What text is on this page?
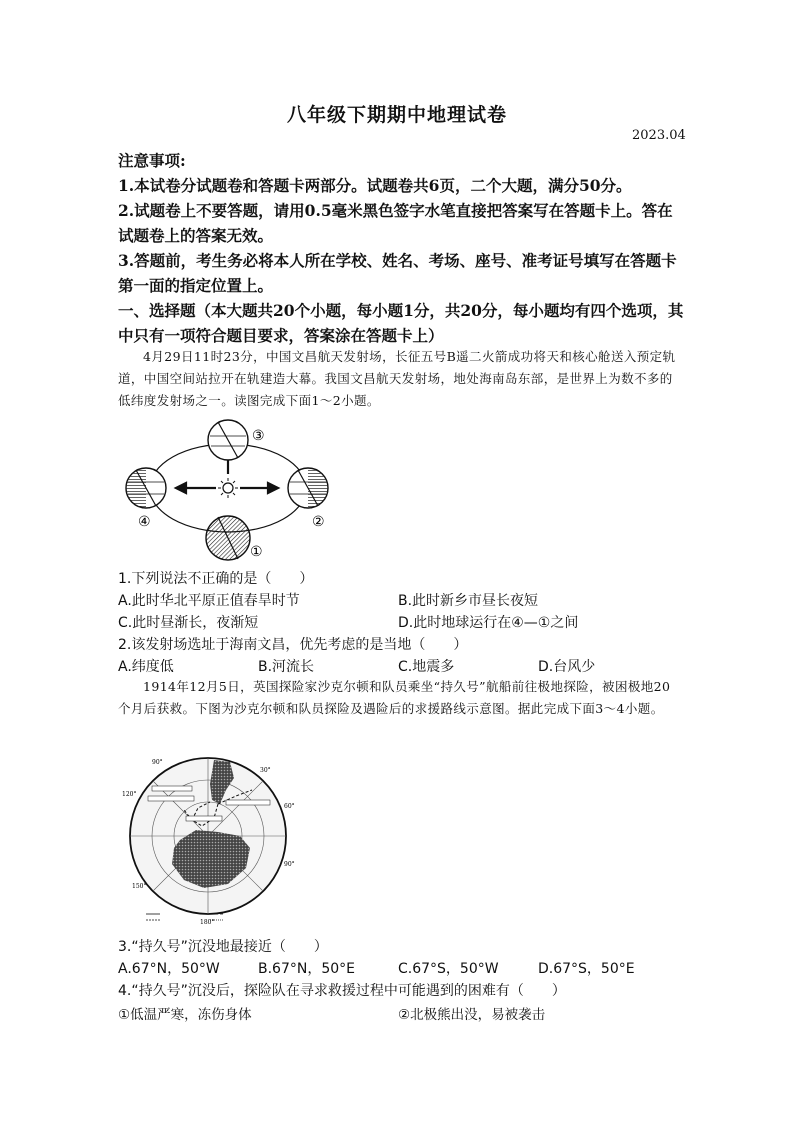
八年级下期期中地理试卷
2023.04

注意事项:

1.本试卷分试题卷和答题卡两部分。试题卷共6页，二个大题，满分50分。

2.试题卷上不要答题，请用0.5毫米黑色签字水笔直接把答案写在答题卡上。答在试题卷上的答案无效。

3.答题前，考生务必将本人所在学校、姓名、考场、座号、准考证号填写在答题卡第一面的指定位置上。

一、选择题（本大题共20个小题，每小题1分，共20分，每小题均有四个选项，其中只有一项符合题目要求，答案涂在答题卡上）

4月29日11时23分，中国文昌航天发射场，长征五号B遥二火箭成功将天和核心舱送入预定轨道，中国空间站拉开在轨建造大幕。我国文昌航天发射场，地处海南岛东部，是世界上为数不多的低纬度发射场之一。读图完成下面1～2小题。
③
②
①
④
1.下列说法不正确的是（　　）
A.此时华北平原正值春旱时节	B.此时新乡市昼长夜短
C.此时昼渐长，夜渐短	D.此时地球运行在④—①之间
2.该发射场选址于海南文昌，优先考虑的是当地（　　）
A.纬度低	B.河流长	C.地震多	D.台风少
1914年12月5日，英国探险家沙克尔顿和队员乘坐“持久号”航船前往极地探险，被困极地20个月后获救。下图为沙克尔顿和队员探险及遇险后的求援路线示意图。据此完成下面3～4小题。
90°
120°
150°
180°
30°
60°
90°
3.“持久号”沉没地最接近（　　）
A.67°N，50°W	B.67°N，50°E	C.67°S，50°W	D.67°S，50°E
4.“持久号”沉没后，探险队在寻求救援过程中可能遇到的困难有（　　）
①低温严寒，冻伤身体	②北极熊出没，易被袭击
